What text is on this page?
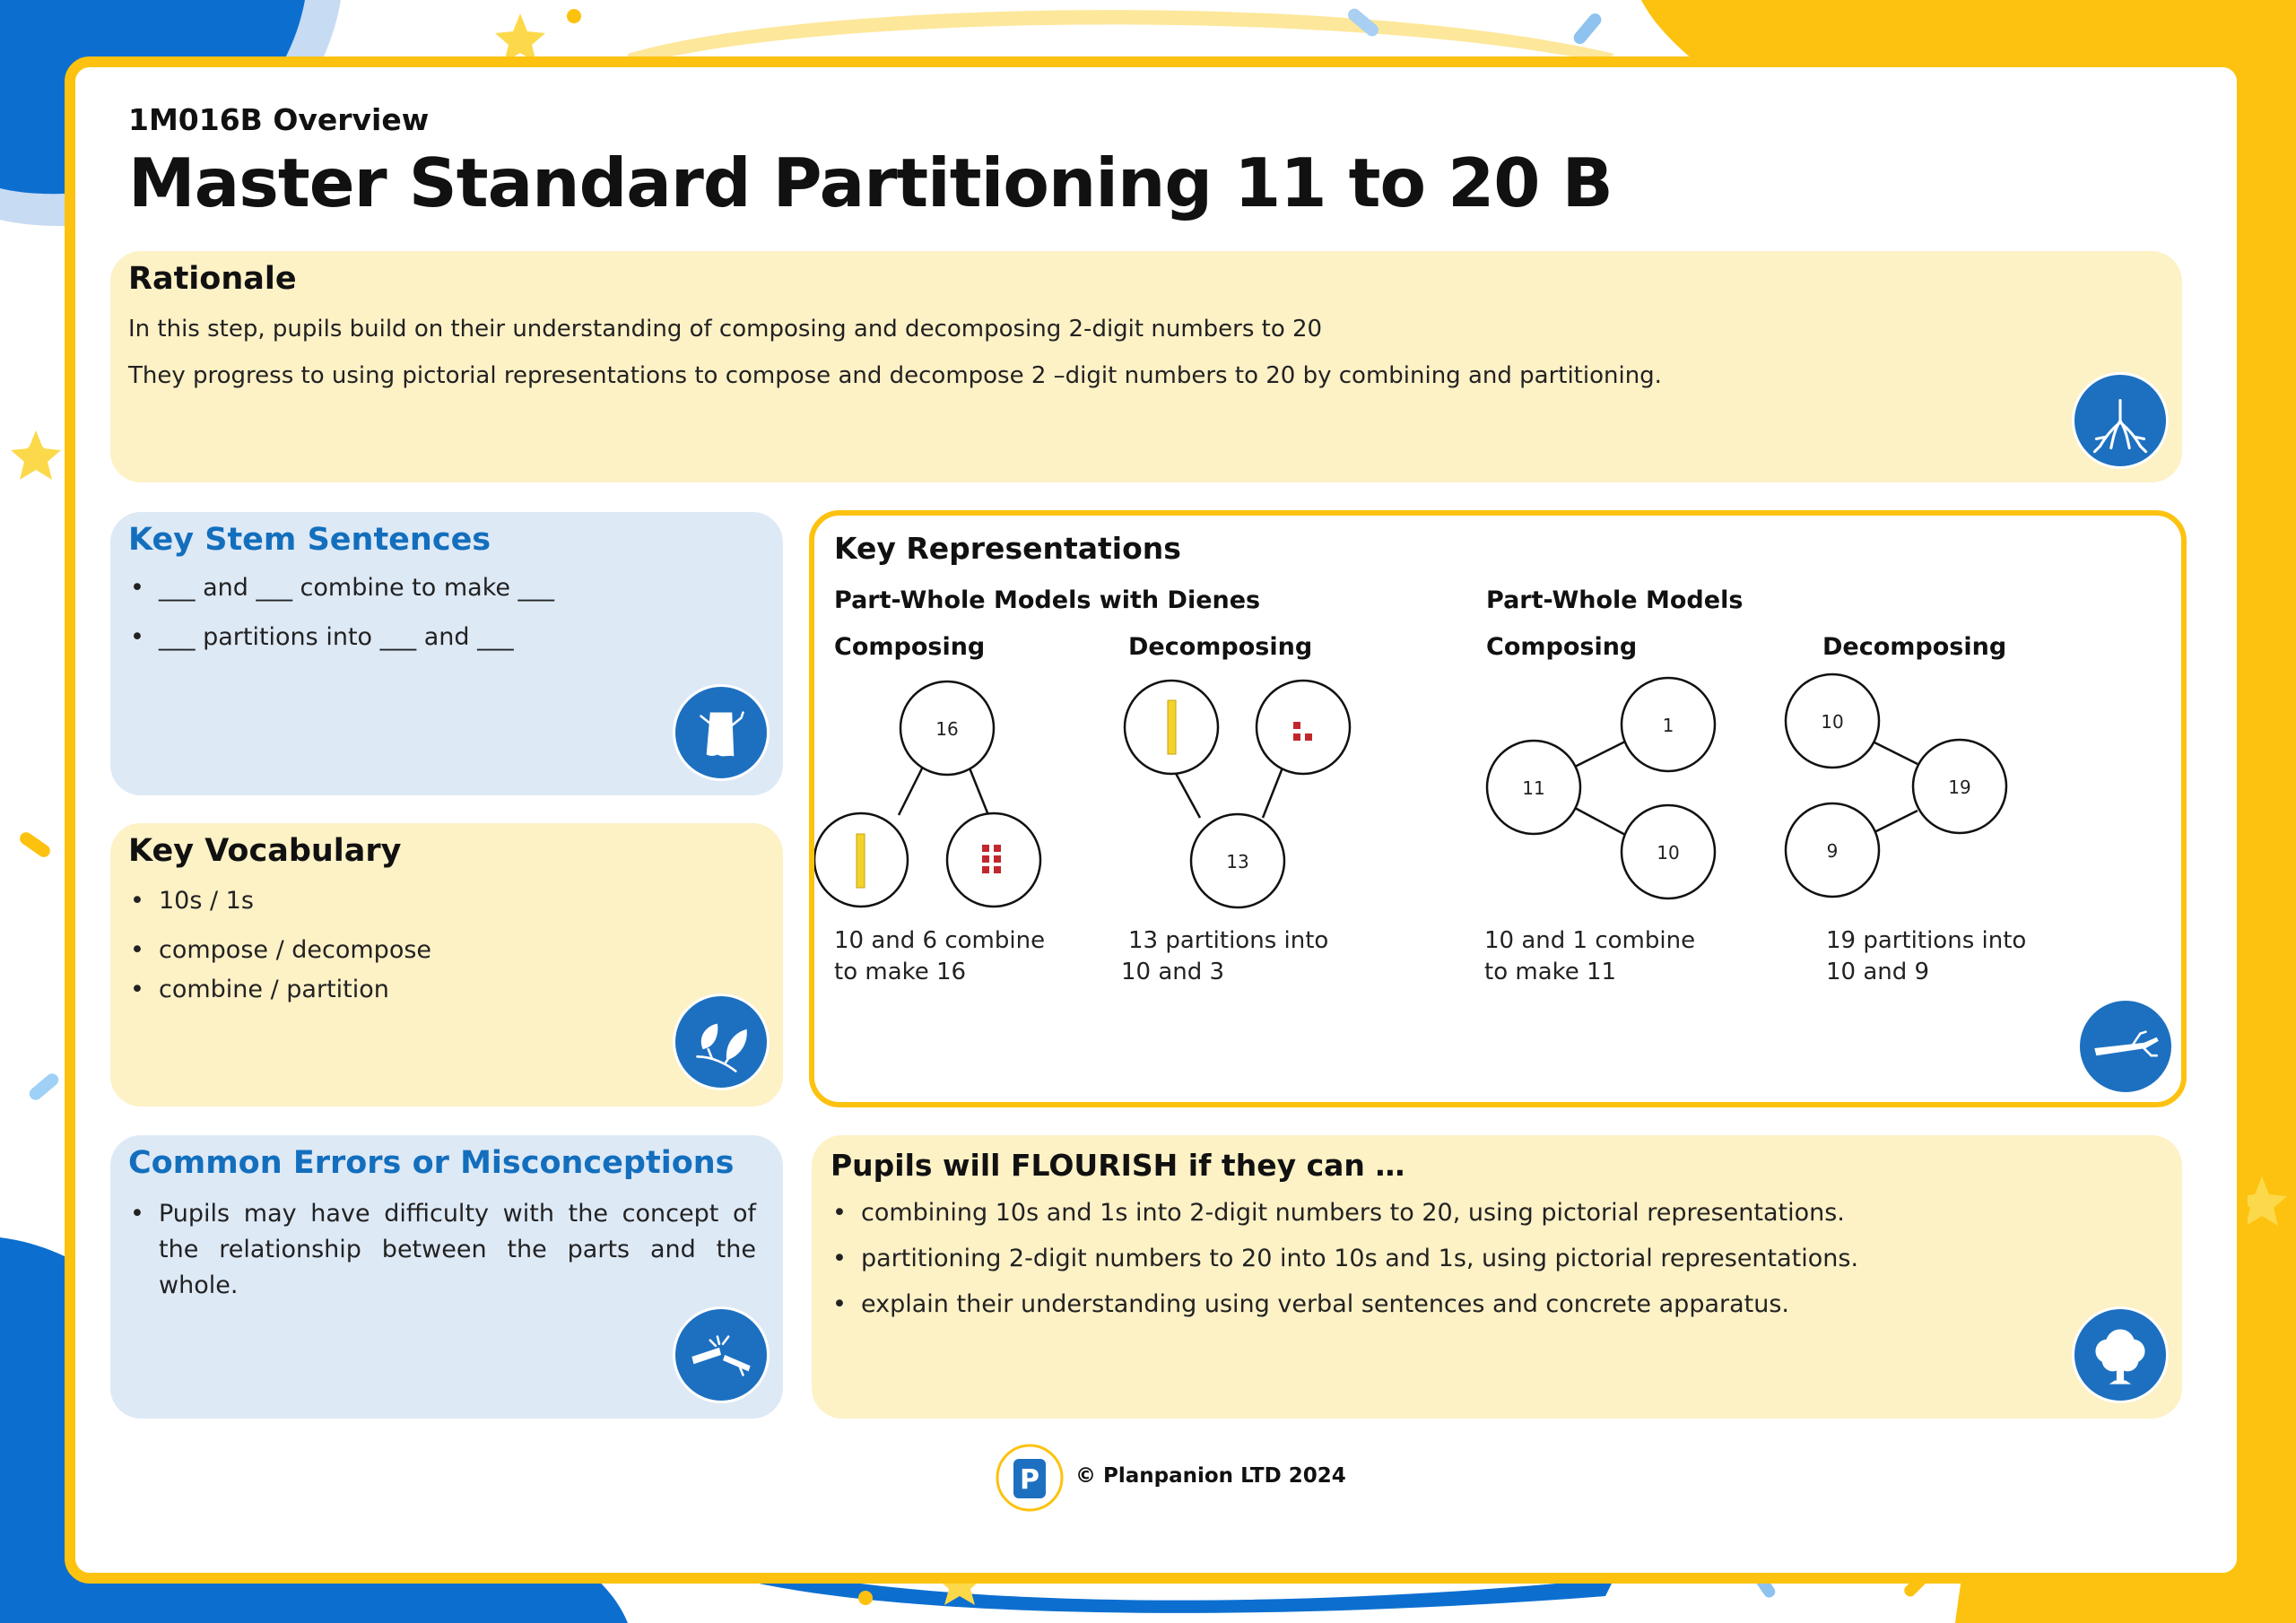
1M016B Overview
Master Standard Partitioning 11 to 20 B
Rationale
In this step, pupils build on their understanding of composing and decomposing 2-digit numbers to 20
They progress to using pictorial representations to compose and decompose 2 –digit numbers to 20 by combining and partitioning.
Key Stem Sentences
• ___ and ___ combine to make ___
• ___ partitions into ___ and ___
Key Vocabulary
• 10s / 1s
• compose / decompose
• combine / partition
Common Errors or Misconceptions
• Pupils may have difficulty with the concept of the relationship between the parts and the whole.
Key Representations
Part-Whole Models with Dienes	Part-Whole Models
Composing	Decomposing	Composing	Decomposing
16
13
11
1
10
10
9
19
10 and 6 combine
to make 16
13 partitions into
10 and 3
10 and 1 combine
to make 11
19 partitions into
10 and 9
Pupils will FLOURISH if they can …
• combining 10s and 1s into 2-digit numbers to 20, using pictorial representations.
• partitioning 2-digit numbers to 20 into 10s and 1s, using pictorial representations.
• explain their understanding using verbal sentences and concrete apparatus.
P © Planpanion LTD 2024
